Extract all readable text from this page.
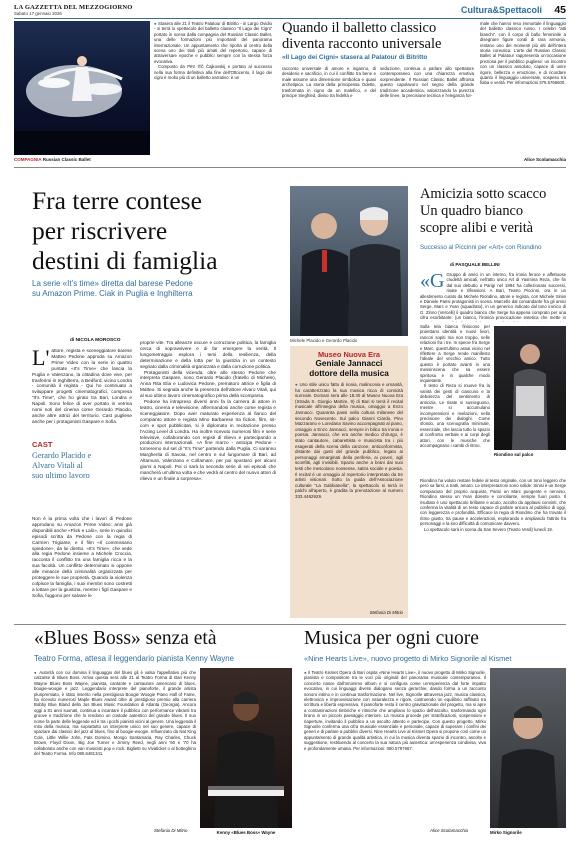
LA GAZZETTA DEL MEZZOGIORNO
Sabato 17 gennaio 2026	Cultura&Spettacoli 45
COMPAGNIA Russian Classic Ballet
● Stasera alle 21 il Teatro Palatour di Bitritto - in Largo Ovidio - si terrà lo spettacolo del balletto classico “Il Lago dei Cigni” portato in scena dalla compagnia del Russian Classic Ballet, una delle formazioni più importanti del panorama internazionale. Un appuntamento che riporta al centro della scena uno dei titoli più amati del repertorio, capace di attraversare epoche e pubblici sempre con la stessa forza evocativa.
Composto da Pëtr Il'ič Čajkovskij e portato al successo nella sua forma definitiva alla fine dell'Ottocento, il lago dei cigni è molto più di un balletto narrativo: è un
Quando il balletto classico diventa racconto universale
«Il Lago dei Cigni» stasera al Palatour di Bitritto
racconto universale di amore e inganno, di desiderio e sacrificio, in cui il conflitto tra bene e male assume una dimensione simbolica e quasi archetipica. La storia della principessa Odette, trasformata in cigno da un malefico, e del principe Siegfried, diviso tra fedeltà e
seduzione, continua a parlare allo spettatore contemporaneo con una chiarezza emotiva sorprendente. Il Russian Classic Ballet affronta questo capolavoro nel segno della grande tradizione accademica, valorizzando la purezza delle linee, la precisione tecnica e l'eleganza for-
male che hanno reso immortale il linguaggio del balletto classico russo. I celebri “atti bianchi”, con il corpo di ballo femminile a disegnare figure corali di rara armonia, restano uno dei momenti più alti dell'intera storia coreutica. L'arte del Russian Classic Ballet al Palatour rappresenta un'occasione preziosa per il pubblico pugliese: un incontro con un classico assoluto, capace di unire rigore, bellezza e emozione, e di ricordare quanto il linguaggio universale, sospeso tra fiaba e verità. Per informazioni 375.5766600.
Alice Scolamacchia
Fra terre contese
per riscrivere
destini di famiglia
La serie «It’s time» diretta dal barese Pedone
su Amazon Prime. Ciak in Puglia e Inghilterra
di NICOLA MOROSCO
L' attore, regista e sceneggiatore barese Matteo Pedone approda su Amazon Prime Video con la serie in quattro puntate «It’s Time» che lancia la Puglia e Valenzano, la cittadina dove vive, per trasferirsi in Inghilterra, a Bedford, vicino Londra - comunità il regista - Qui ho continuato a sviluppare progetti cinematografici, compresa “It’s Time”, che ho girato tra Bari, Londra e Napoli. Sono felice di aver portato in vetrina nomi noti del cinema come Gerardo Placido, anche altre attrici del territorio. Cast pugliese anche per i protagonisti Gaspare e Sofia.
CAST
Gerardo Placido e Alvaro Vitali al suo ultimo lavoro
Non è la prima volta che i lavori di Pedone approdano su Amazon Prime Video: anni già disponibili anche «Flick e Lalò», serie in quindici episodi scritta da Pedone con la regia di Carmen Trigiante, e il film «Il commissario spiedone», da lui diretto. «It’s Time», che vede alla regia Pedone insieme a Michele Croccia, racconta il conflitto tra una famiglia ricca e la sua facoltà. Un conflitto determinato si oppone alle minacce della criminalità organizzata per proteggere le sue proprietà. Quando la violenza colpisce la famiglia, i suoi membri sono costretti a lottare per la giustizia, mentre i figli Gaspare e Sofia, fuggono per salvare le
proprie vite. Tra alleanze oscure e corruzione politica, la famiglia cerca di sopravvivere e di far emergere la verità. Il lungometraggio esplora i temi della resilienza, della determinazione e della lotta per la giustizia in un contesto segnato dalla criminalità organizzata e dalla corruzione politica.
Protagonisti della vicenda, oltre allo stesso Pedone che interpreta Gaspare, sono Gerardo Placido (fratello di Michele), Anna Rita Elia e Ludovica Pedone, prematuro attrice e figlia di Matteo. Si segnala anche la presenza dell'attore Alvaro Vitali, qui al suo ultimo lavoro cinematografico prima della scomparsa.
Pedone ha intrapreso diversi anni fa la carriera di attore in teatro, cinema e televisione, affermandosi anche come regista e sceneggiatore. Dopo aver maturato esperienza al fianco del compianto attore e regista Mino Barbarese tra fiction, film, sit-com e spot pubblicitari, si è diplomato in recitazione presso l'Acting Level di Londra. Ha inoltre ricevuto numerosi film e serie televisive, collaborando con registi di rilievo e partecipando a produzioni internazionali. «A fine marzo - anticipa Pedone - torneremo sul set di “It’s Time” partendo dalla Puglia. Ci saranno Margherita di Savoia, nel centro e sul lungomare di Bari, ad Altamura, Valenzano e Collamare, per poi spostarci per alcuni giorni a Napoli. Poi ci sarà la seconda serie di sei episodi che mancherà un'ultima volta e che vedrà al centro del nuovo attori di rilievo e un finale a sorpresa».
Michele Placido e Gerardo Placido
Museo Nuova Era
Geniale Jannacci
dottore della musica
● Uno stile unico fatto di ironia, malinconia e umanità, ha caratterizzato la sua musica ricca di comicità surreale. Domani sera alle 18.30 al Museo Nuova Era (Strada S. Giorgio Martire, 9) di Bari si terrà il recital musicale all'insegna della musica, omaggio a Enzo Jannacci. Quaranta passi nella cultura milanese del secondo Novecento. Sul palco Gianni Ciardo, Pino Mazzarano e Loredana Savino accompagnati al piano, omaggio a Enzo Jannacci, sempre in bilico tra ironia e poesia. Jannacci, che era anche medico chirurgo, è stato cantautore, cabarettista e musicista tra i più esagerati della scena della canzone, anticonformista, distante dai gusti del grande pubblico, legato ai personaggi emarginati della periferia, ai poveri, agli sconfitti, agli invisibili. Spazio anche a brani dai suoi testi che mescolano nonsense, satira sociale e poesia. Il recital è un omaggio al repertorio interpretato da tre artisti visionari. Sotto la guida dell'Associazione culturale “La Gabbianella”, la spettacolo si terrà in palchi all'aperto, è gradita la prenotazione al numero 333.4462929.
Stefania Di Mitrio
Amicizia sotto scacco
Un quadro bianco
scopre alibi e verità
Successo al Piccinni per «Art» con Riondino
di PASQUALE BELLINI
«G Gruppo di amici in un interno, fra ironia feroce e affettuose crudeltà amicali, nell'atto unico Art di Yasmina Reza, che fin dal suo debutto a Parigi nel 1994 ha collezionato successi, risate e riflessioni. A Bari, Teatro Piccinni, ora in un allestimento curato da Michele Riondino, attore e regista, con Michele Sinisi e Daniele Parisi protagonisti in scena. Marcello dal comandante fra gli amici Serge, Marc e Yvan (squadrato), in un generico indicato dal tono ironico di G. Zinno (Vercelli) il quadro bianco che Serge ha appena comprato per una cifra esorbitante: (un bianco, l'ironica provocazione estetica che mette in
Sulla tela bianca finiscono per proiettarsi identità e nuovi livori, rancori sopiti ma non troppo, nelle relazioni fra i tre. In specie fra Serge e Marc, quest'ultimo assai vicino nel riflettere a Serge rende manifesto l'ideale del vecchio amico. Tutto questo è portato avanti in una messinscena che sa essere spiritosa e in qualche modo inquietante.
Il testo di Reza si muove fra la vanità dei gesti di ciascuno e la debolezza del sentimento di amicizia. Le risate si susseguono, mentre si accumulano incomprensioni e rivelazioni, nella precisione dei dialoghi. Come sfondo, una scenografia minimale, essenziale, che lascia tutto lo spazio al confronto verbale e ai corpi degli attori, con le musiche che accompagnano i cambi di ritmo.
Riondino sul palco
Riondino ha voluto restare fedele al testo originale, con un tono leggero che però sa farsi, a tratti, amaro. Le interpretazioni sono solide: Sinisi è un Serge compiaciuto del proprio acquisto, Parisi un Marc pungente e nervoso, Riondino stesso un Yvan dolente e conciliante, sempre fuori posto. Il risultato è uno spettacolo brillante e acuto, accolto da applausi convinti, che conferma la vitalità di un testo capace di parlare ancora al pubblico di oggi, con leggerezza e profondità. Efficace la regia di Riondino che ha trovato il ritmo giusto, tra pause e accelerazioni, esplorando e ampliando l'attrito fra personaggi e la loro difficoltà di comunicare davvero.
Lo spettacolo sarà in scena da San Severo (Teatro Verdi) lunedì 19.
«Blues Boss» senza età
Teatro Forma, attesa il leggendario pianista Kenny Wayne
● Autorità con cui domina il linguaggio del blues gli è valsa l'appellativo più che calzante di Blues Boss. Arriva questa sera alle 21 al Teatro Forma di Bari Kenny Wayne Blues Boss Wayne, pianista, cantante e cantautore americano di blues, boogie-woogie e jazz. Leggendario interprete del pianoforte, il grande artista pluripremiato, è stato inserito nella prestigiosa Boogie Woogie Piano Hall of Fame, ha ricevuto numerosi Maple Blues Award oltre al prestigioso premio alla carriera Bobby Blue Bland della Jus Blues Music Foundation di Atlanta (Georgia). Ancora oggi a 81 anni suonati, continua a incantare il pubblico con performance vibranti tra groove e tradizione che lo rendono un custode autentico del grande blues. Il suo nome fa parte delle leggende ed è tra i pochi pianisti vicini al genere. Una leggenda il mito della musica, ma soprattutto un interprete unico nel suo genere, capace di spaziare dai classici del jazz al blues, fino al boogie-woogie. Influenzato da Nat King Cole, Little Willie John, Fats Domino, Mongo Santamaria, Ray Charles, Chuck Brown, Floyd Dixon, Big Joe Turner e Jimmy Reed, negli anni '60 e '70 ha collaborato anche con vari musicisti pop e rock. Biglietti su Vivaticket o al botteghino del Teatro Forma. Info 080.6481341.
Stefania Di Mitrio	Kenny «Blues Boss» Wayne
Musica per ogni cuore
«Nine Hearts Live», nuovo progetto di Mirko Signorile al Kismet
● Il Teatro Kismet Opera di Bari ospita «Nine Hearts Live», il nuovo progetto di Mirko Signorile, pianista e compositore tra le voci più originali del panorama musicale contemporaneo. Il concerto nasce dall'omonimo album e si configura come un'esperienza dal forte impatto evocativo, in cui linguaggi diversi dialogano senza gerarchie, dando forma a un racconto sonoro intimo e in continua trasformazione. Nel live, Signorile attraversa jazz, musica classica, elettronica e improvvisazione con naturalezza e rigore, costruendo un equilibrio raffinato tra scrittura e libertà espressiva. Il pianoforte resta il centro gravitazionale del progetto, ma si apre a contaminazioni timbriche e ritmiche che ampliano lo spazio dell'ascolto, trasformando ogni brano in un piccolo paesaggio interiore. La musica procede per stratificazioni, sospensioni e riaperture, invitando il pubblico a un ascolto attento e partecipe. Con questo progetto, Mirko Signorile conferma una cifra musicale essenziale e personale, capace di superare i confini dei generi e di parlare a pubblici diversi. Nine Hearts Live al Kismet Opera si propone così come un appuntamento di grande qualità artistica, in cui la musica diventa spazio di incontro, ascolto e suggestione, restituendo al concerto la sua natura più autentica: un'esperienza condivisa, viva e profondamente umana. Per informazioni: 080.5797667.
Alice Scolamacchia	Mirko Signorile
